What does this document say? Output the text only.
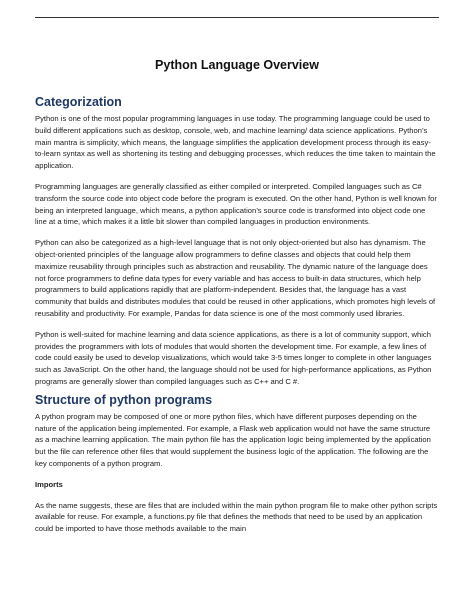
Python Language Overview
Categorization

Python is one of the most popular programming languages in use today. The programming language could be used to build different applications such as desktop, console, web, and machine learning/ data science applications. Python’s main mantra is simplicity, which means, the language simplifies the application development process through its easy-to-learn syntax as well as shortening its testing and debugging processes, which reduces the time taken to maintain the application.

Programming languages are generally classified as either compiled or interpreted. Compiled languages such as C# transform the source code into object code before the program is executed. On the other hand, Python is well known for being an interpreted language, which means, a python application’s source code is transformed into object code one line at a time, which makes it a little bit slower than compiled languages in production environments.

Python can also be categorized as a high-level language that is not only object-oriented but also has dynamism. The object-oriented principles of the language allow programmers to define classes and objects that could help them maximize reusability through principles such as abstraction and reusability. The dynamic nature of the language does not force programmers to define data types for every variable and has access to built-in data structures, which help programmers to build applications rapidly that are platform-independent. Besides that, the language has a vast community that builds and distributes modules that could be reused in other applications, which promotes high levels of reusability and productivity. For example, Pandas for data science is one of the most commonly used libraries.

Python is well-suited for machine learning and data science applications, as there is a lot of community support, which provides the programmers with lots of modules that would shorten the development time. For example, a few lines of code could easily be used to develop visualizations, which would take 3-5 times longer to complete in other languages such as JavaScript. On the other hand, the language should not be used for high-performance applications, as Python programs are generally slower than compiled languages such as C++ and C #.

Structure of python programs

A python program may be composed of one or more python files, which have different purposes depending on the nature of the application being implemented. For example, a Flask web application would not have the same structure as a machine learning application. The main python file has the application logic being implemented by the application but the file can reference other files that would supplement the business logic of the application. The following are the key components of a python program.

Imports

As the name suggests, these are files that are included within the main python program file to make other python scripts available for reuse. For example, a functions.py file that defines the methods that need to be used by an application could be imported to have those methods available to the main
